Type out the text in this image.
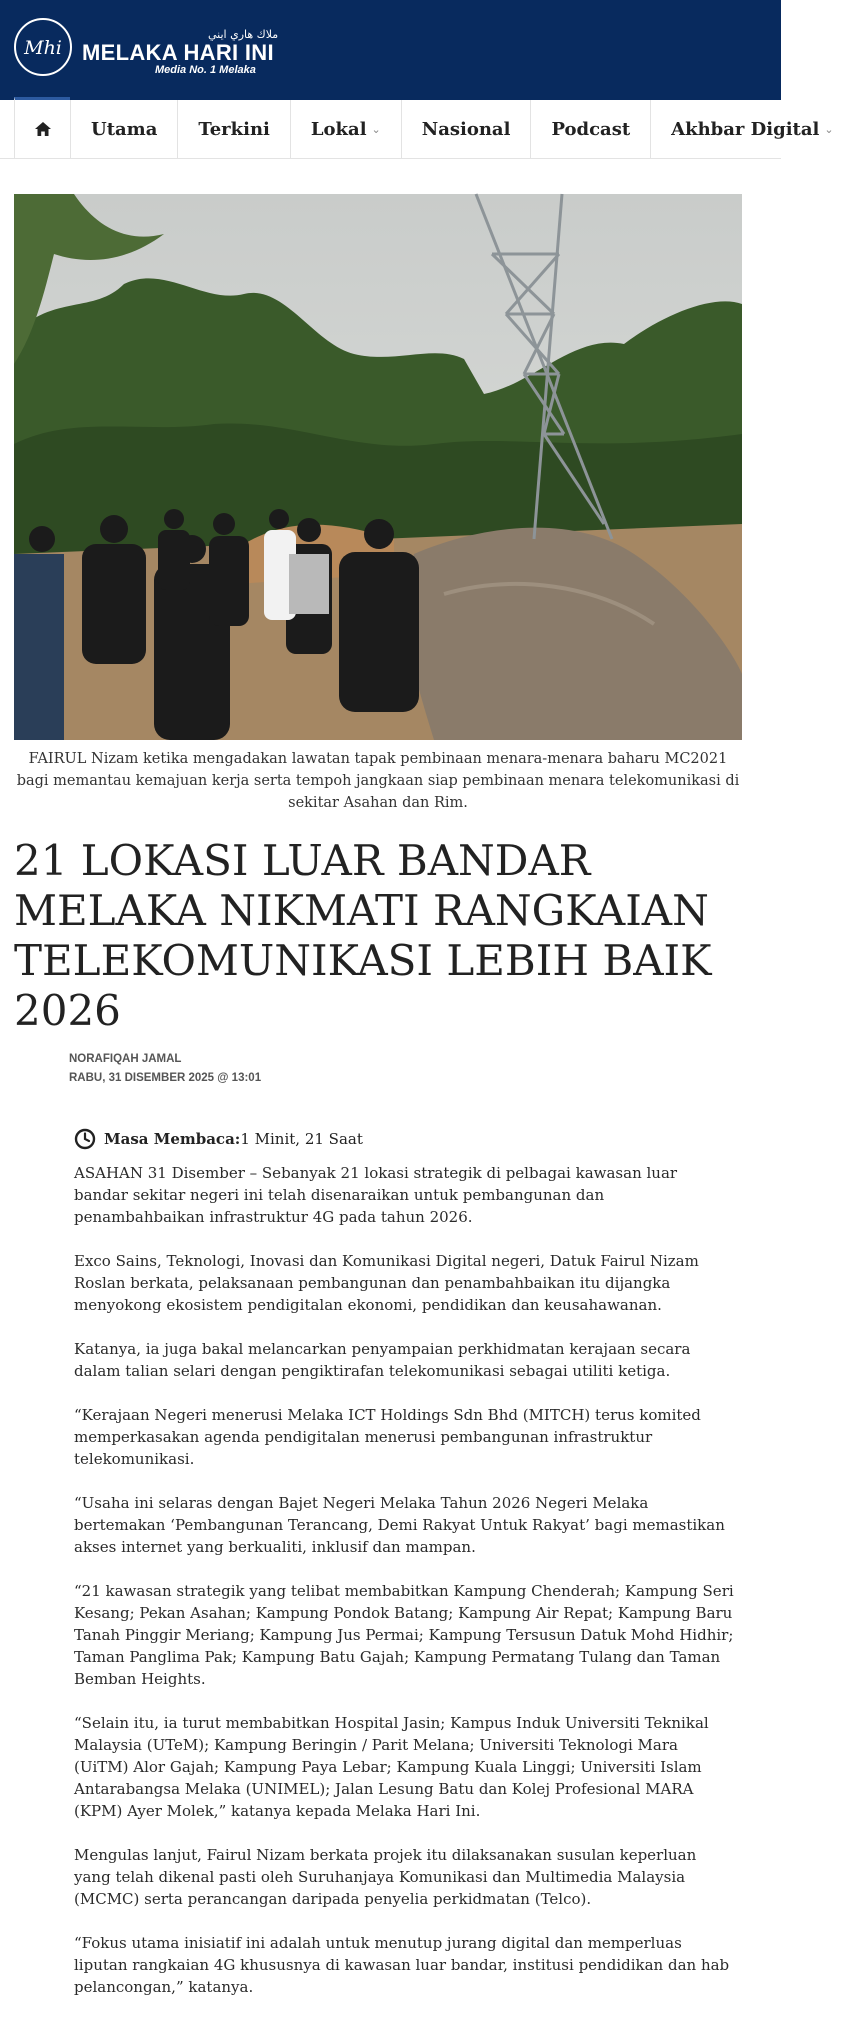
Mhi
ملاك هاري ايني
MELAKA HARI INI
Media No. 1 Melaka
Utama Terkini Lokal ⌄ Nasional Podcast Akhbar Digital ⌄
FAIRUL Nizam ketika mengadakan lawatan tapak pembinaan menara-menara baharu MC2021 bagi memantau kemajuan kerja serta tempoh jangkaan siap pembinaan menara telekomunikasi di sekitar Asahan dan Rim.
21 LOKASI LUAR BANDAR MELAKA NIKMATI RANGKAIAN TELEKOMUNIKASI LEBIH BAIK 2026
NORAFIQAH JAMAL
RABU, 31 DISEMBER 2025 @ 13:01
Masa Membaca: 1 Minit, 21 Saat

ASAHAN 31 Disember – Sebanyak 21 lokasi strategik di pelbagai kawasan luar bandar sekitar negeri ini telah disenaraikan untuk pembangunan dan penambahbaikan infrastruktur 4G pada tahun 2026.

Exco Sains, Teknologi, Inovasi dan Komunikasi Digital negeri, Datuk Fairul Nizam Roslan berkata, pelaksanaan pembangunan dan penambahbaikan itu dijangka menyokong ekosistem pendigitalan ekonomi, pendidikan dan keusahawanan.

Katanya, ia juga bakal melancarkan penyampaian perkhidmatan kerajaan secara dalam talian selari dengan pengiktirafan telekomunikasi sebagai utiliti ketiga.

“Kerajaan Negeri menerusi Melaka ICT Holdings Sdn Bhd (MITCH) terus komited memperkasakan agenda pendigitalan menerusi pembangunan infrastruktur telekomunikasi.

“Usaha ini selaras dengan Bajet Negeri Melaka Tahun 2026 Negeri Melaka bertemakan ‘Pembangunan Terancang, Demi Rakyat Untuk Rakyat’ bagi memastikan akses internet yang berkualiti, inklusif dan mampan.

“21 kawasan strategik yang telibat membabitkan Kampung Chenderah; Kampung Seri Kesang; Pekan Asahan; Kampung Pondok Batang; Kampung Air Repat; Kampung Baru Tanah Pinggir Meriang; Kampung Jus Permai; Kampung Tersusun Datuk Mohd Hidhir; Taman Panglima Pak; Kampung Batu Gajah; Kampung Permatang Tulang dan Taman Bemban Heights.

“Selain itu, ia turut membabitkan Hospital Jasin; Kampus Induk Universiti Teknikal Malaysia (UTeM); Kampung Beringin / Parit Melana; Universiti Teknologi Mara (UiTM) Alor Gajah; Kampung Paya Lebar; Kampung Kuala Linggi; Universiti Islam Antarabangsa Melaka (UNIMEL); Jalan Lesung Batu dan Kolej Profesional MARA (KPM) Ayer Molek,” katanya kepada Melaka Hari Ini.

Mengulas lanjut, Fairul Nizam berkata projek itu dilaksanakan susulan keperluan yang telah dikenal pasti oleh Suruhanjaya Komunikasi dan Multimedia Malaysia (MCMC) serta perancangan daripada penyelia perkidmatan (Telco).

“Fokus utama inisiatif ini adalah untuk menutup jurang digital dan memperluas liputan rangkaian 4G khususnya di kawasan luar bandar, institusi pendidikan dan hab pelancongan,” katanya.
